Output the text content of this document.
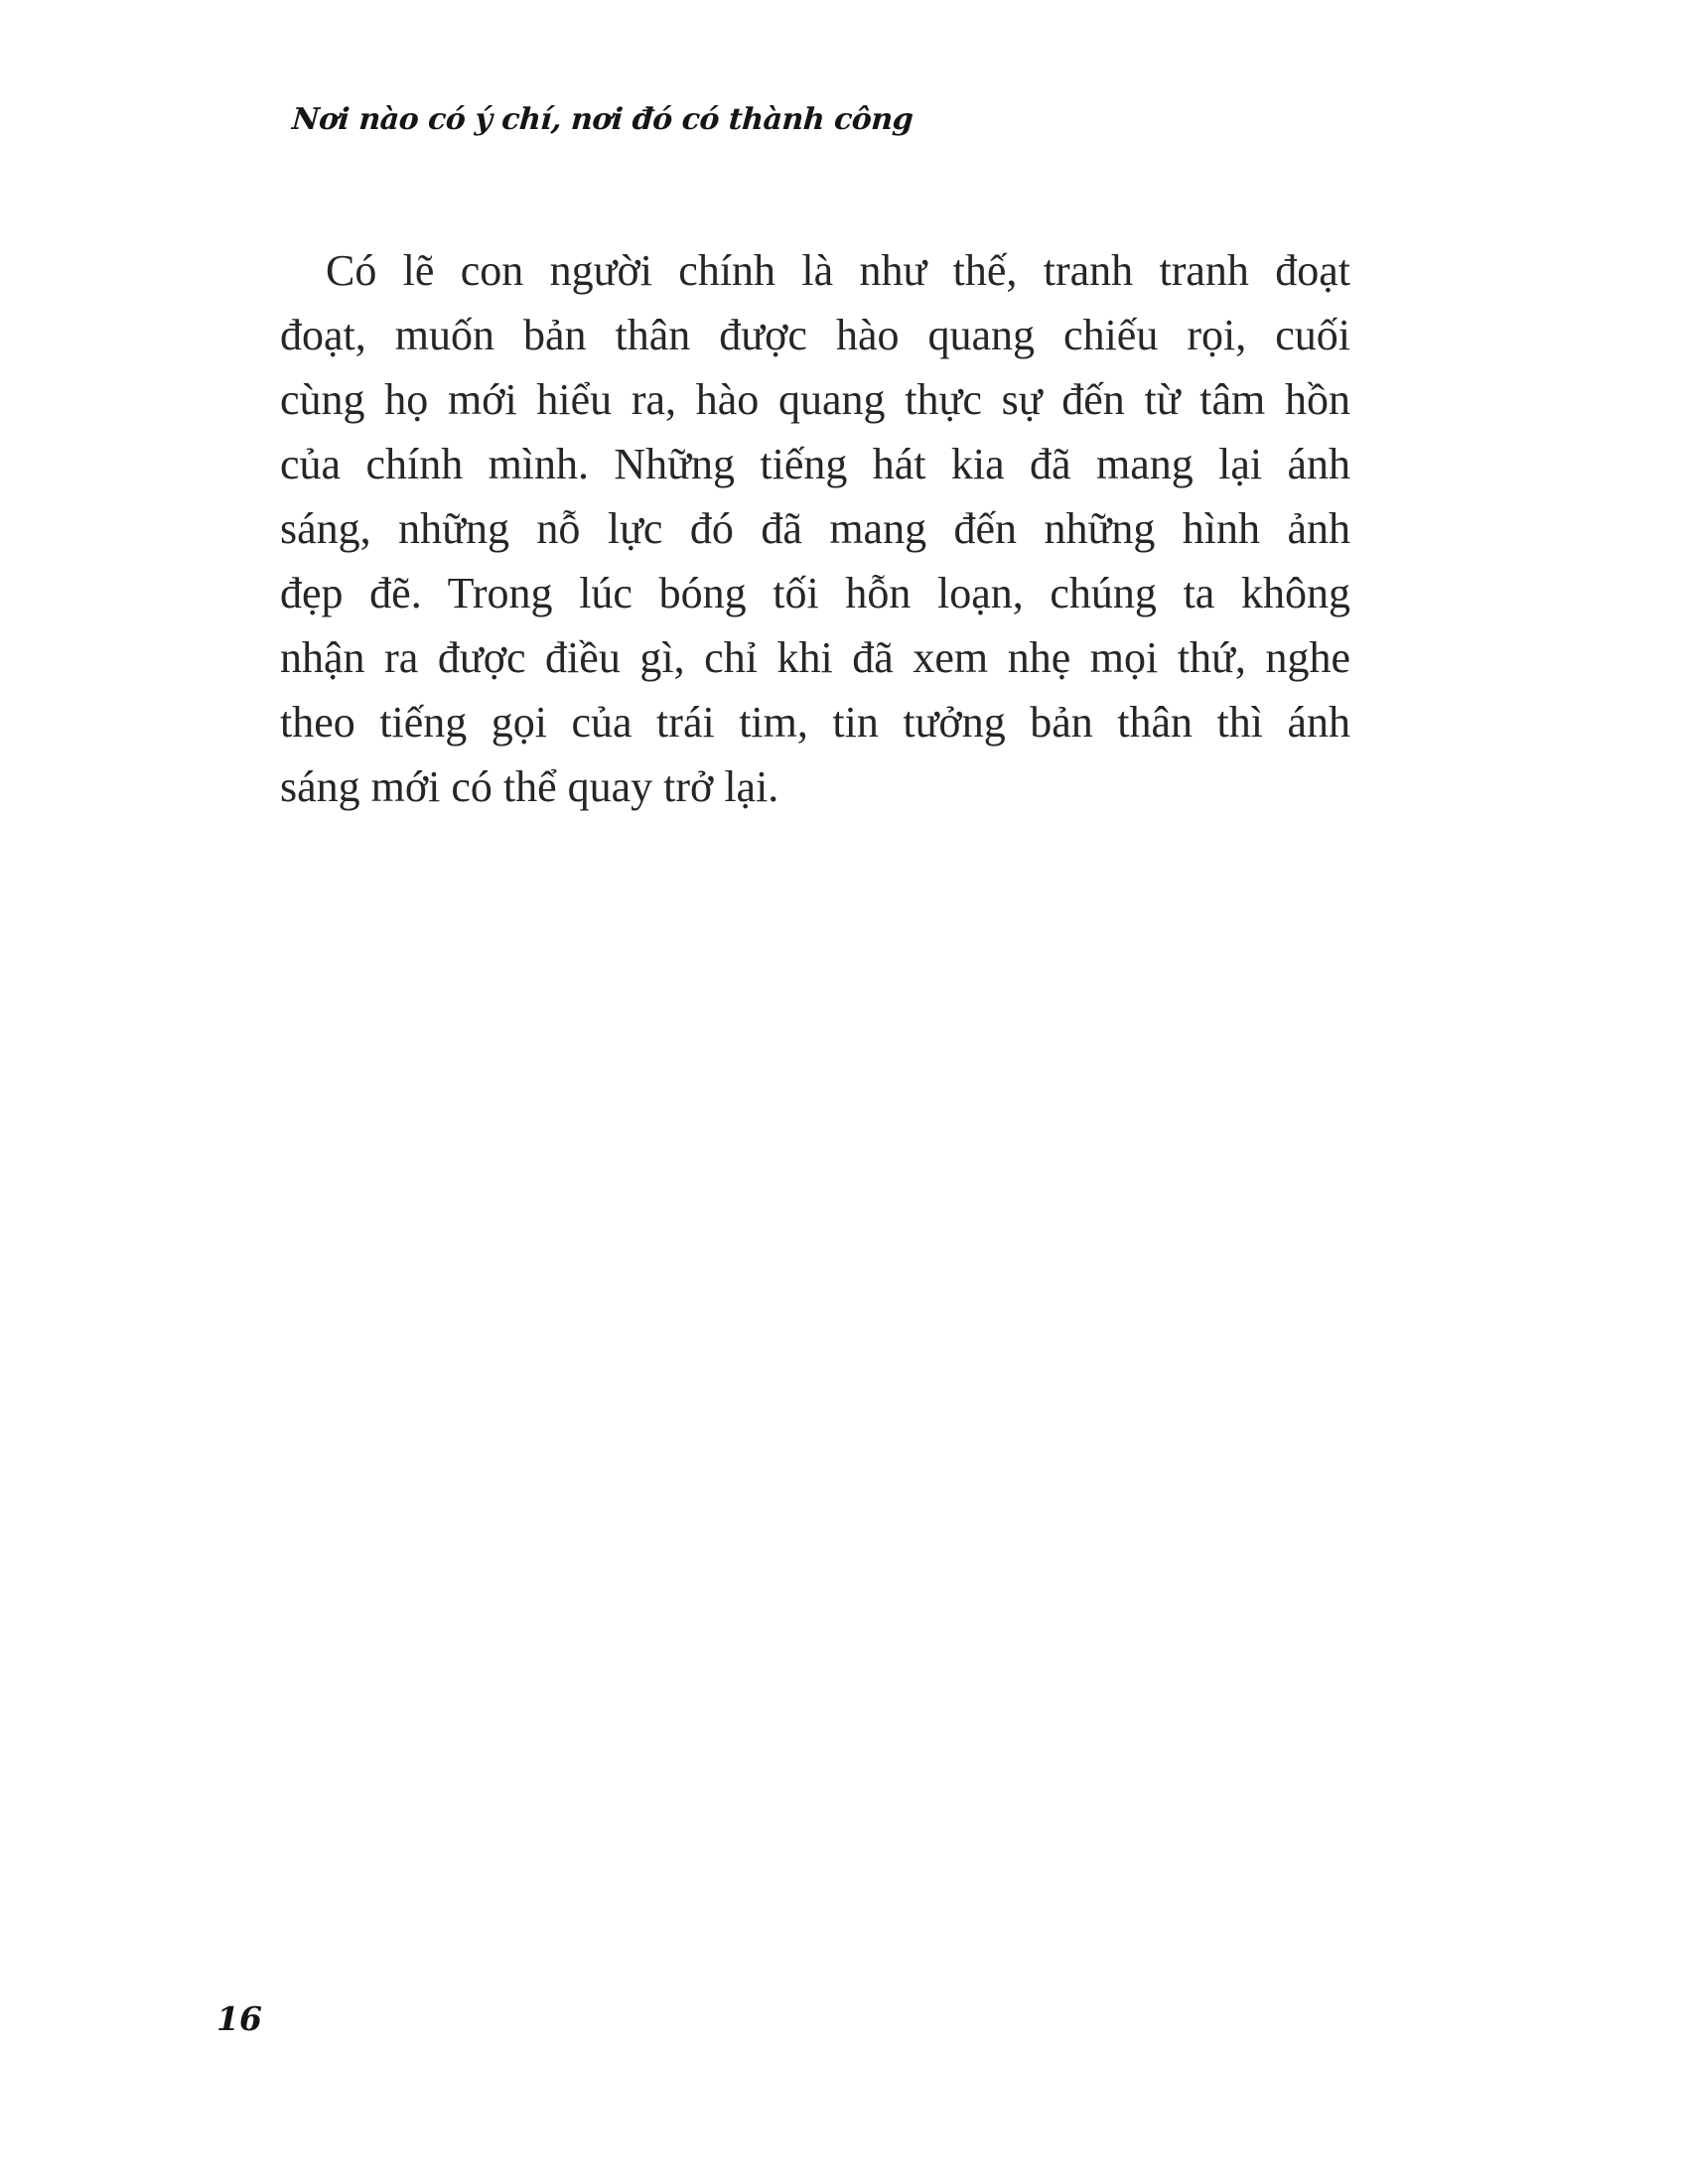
Nơi nào có ý chí, nơi đó có thành công
Có lẽ con người chính là như thế, tranh tranh đoạt
đoạt, muốn bản thân được hào quang chiếu rọi, cuối
cùng họ mới hiểu ra, hào quang thực sự đến từ tâm hồn
của chính mình. Những tiếng hát kia đã mang lại ánh
sáng, những nỗ lực đó đã mang đến những hình ảnh
đẹp đẽ. Trong lúc bóng tối hỗn loạn, chúng ta không
nhận ra được điều gì, chỉ khi đã xem nhẹ mọi thứ, nghe
theo tiếng gọi của trái tim, tin tưởng bản thân thì ánh
sáng mới có thể quay trở lại.
16
